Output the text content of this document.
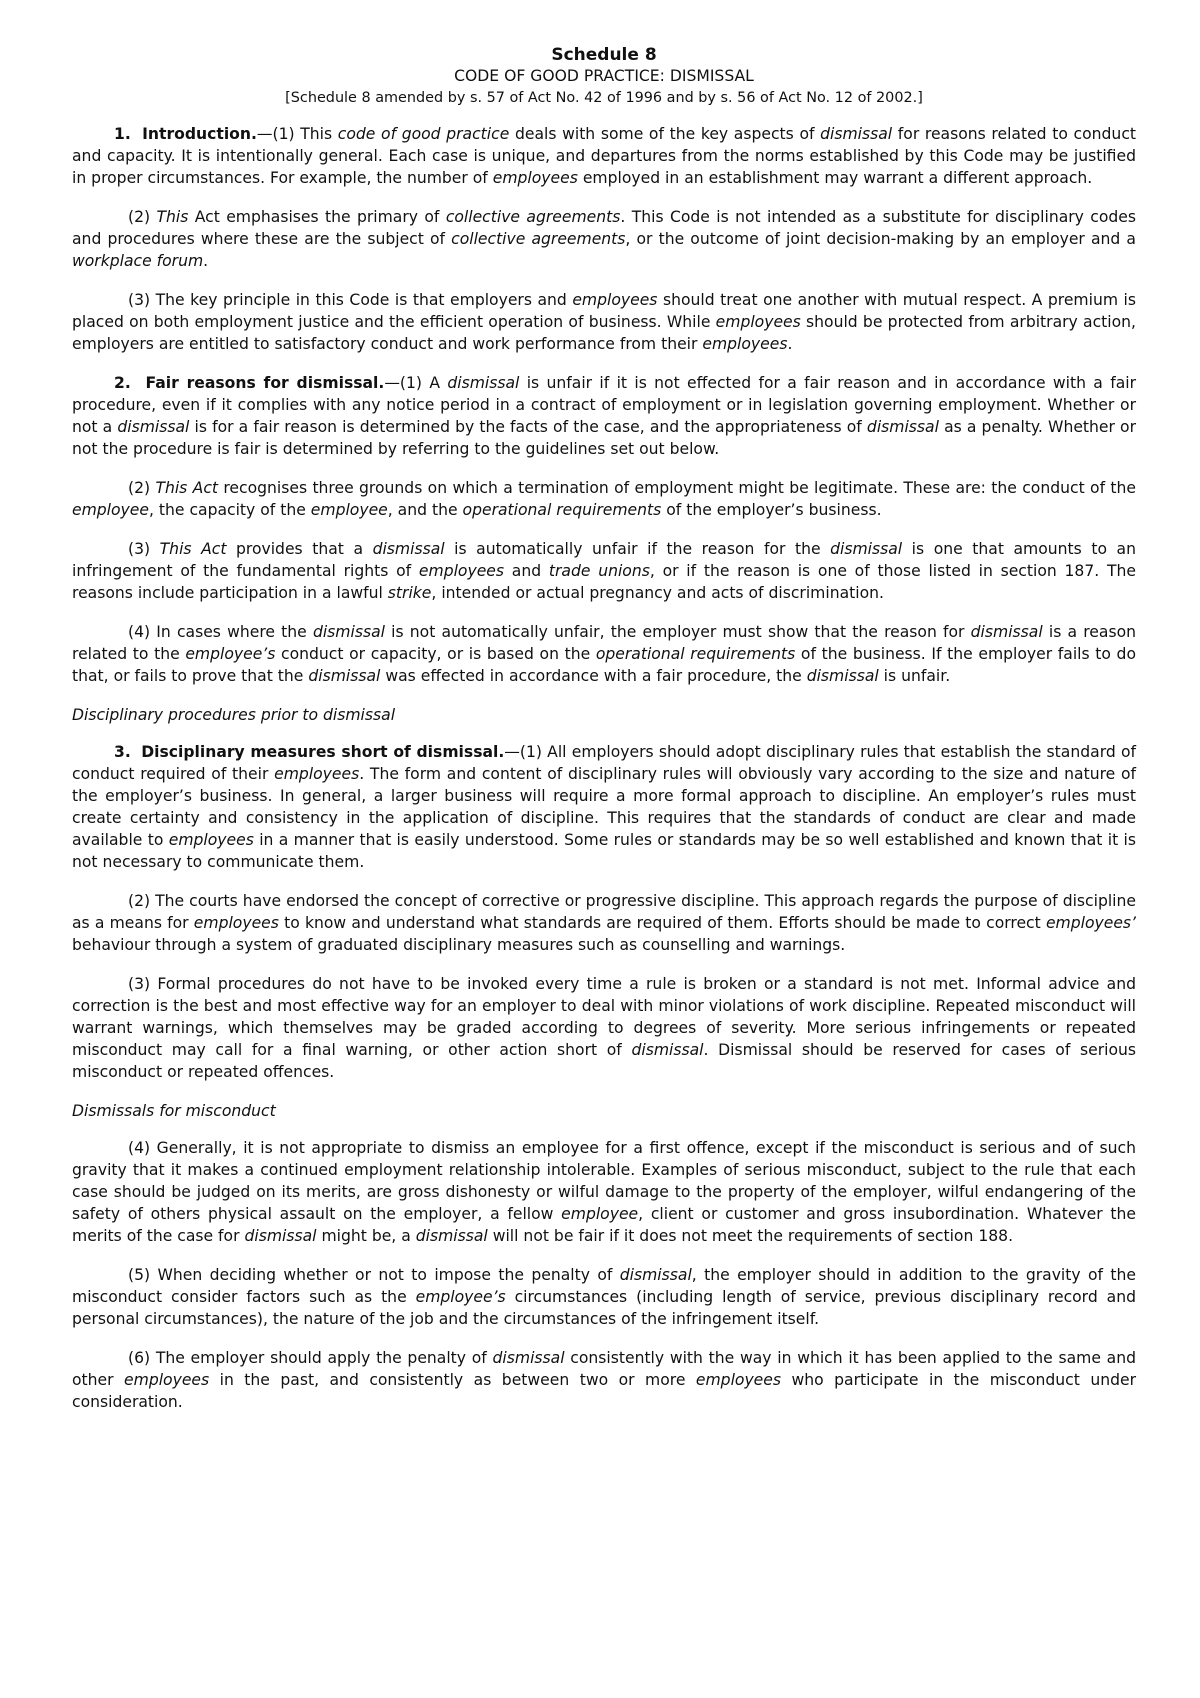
Schedule 8

CODE OF GOOD PRACTICE: DISMISSAL

[Schedule 8 amended by s. 57 of Act No. 42 of 1996 and by s. 56 of Act No. 12 of 2002.]

1. Introduction.—(1) This code of good practice deals with some of the key aspects of dismissal for reasons related to conduct and capacity. It is intentionally general. Each case is unique, and departures from the norms established by this Code may be justified in proper circumstances. For example, the number of employees employed in an establishment may warrant a different approach.

(2) This Act emphasises the primary of collective agreements. This Code is not intended as a substitute for disciplinary codes and procedures where these are the subject of collective agreements, or the outcome of joint decision-making by an employer and a workplace forum.

(3) The key principle in this Code is that employers and employees should treat one another with mutual respect. A premium is placed on both employment justice and the efficient operation of business. While employees should be protected from arbitrary action, employers are entitled to satisfactory conduct and work performance from their employees.

2. Fair reasons for dismissal.—(1) A dismissal is unfair if it is not effected for a fair reason and in accordance with a fair procedure, even if it complies with any notice period in a contract of employment or in legislation governing employment. Whether or not a dismissal is for a fair reason is determined by the facts of the case, and the appropriateness of dismissal as a penalty. Whether or not the procedure is fair is determined by referring to the guidelines set out below.

(2) This Act recognises three grounds on which a termination of employment might be legitimate. These are: the conduct of the employee, the capacity of the employee, and the operational requirements of the employer’s business.

(3) This Act provides that a dismissal is automatically unfair if the reason for the dismissal is one that amounts to an infringement of the fundamental rights of employees and trade unions, or if the reason is one of those listed in section 187. The reasons include participation in a lawful strike, intended or actual pregnancy and acts of discrimination.

(4) In cases where the dismissal is not automatically unfair, the employer must show that the reason for dismissal is a reason related to the employee’s conduct or capacity, or is based on the operational requirements of the business. If the employer fails to do that, or fails to prove that the dismissal was effected in accordance with a fair procedure, the dismissal is unfair.

Disciplinary procedures prior to dismissal

3. Disciplinary measures short of dismissal.—(1) All employers should adopt disciplinary rules that establish the standard of conduct required of their employees. The form and content of disciplinary rules will obviously vary according to the size and nature of the employer’s business. In general, a larger business will require a more formal approach to discipline. An employer’s rules must create certainty and consistency in the application of discipline. This requires that the standards of conduct are clear and made available to employees in a manner that is easily understood. Some rules or standards may be so well established and known that it is not necessary to communicate them.

(2) The courts have endorsed the concept of corrective or progressive discipline. This approach regards the purpose of discipline as a means for employees to know and understand what standards are required of them. Efforts should be made to correct employees’ behaviour through a system of graduated disciplinary measures such as counselling and warnings.

(3) Formal procedures do not have to be invoked every time a rule is broken or a standard is not met. Informal advice and correction is the best and most effective way for an employer to deal with minor violations of work discipline. Repeated misconduct will warrant warnings, which themselves may be graded according to degrees of severity. More serious infringements or repeated misconduct may call for a final warning, or other action short of dismissal. Dismissal should be reserved for cases of serious misconduct or repeated offences.

Dismissals for misconduct

(4) Generally, it is not appropriate to dismiss an employee for a first offence, except if the misconduct is serious and of such gravity that it makes a continued employment relationship intolerable. Examples of serious misconduct, subject to the rule that each case should be judged on its merits, are gross dishonesty or wilful damage to the property of the employer, wilful endangering of the safety of others physical assault on the employer, a fellow employee, client or customer and gross insubordination. Whatever the merits of the case for dismissal might be, a dismissal will not be fair if it does not meet the requirements of section 188.

(5) When deciding whether or not to impose the penalty of dismissal, the employer should in addition to the gravity of the misconduct consider factors such as the employee’s circumstances (including length of service, previous disciplinary record and personal circumstances), the nature of the job and the circumstances of the infringement itself.

(6) The employer should apply the penalty of dismissal consistently with the way in which it has been applied to the same and other employees in the past, and consistently as between two or more employees who participate in the misconduct under consideration.
